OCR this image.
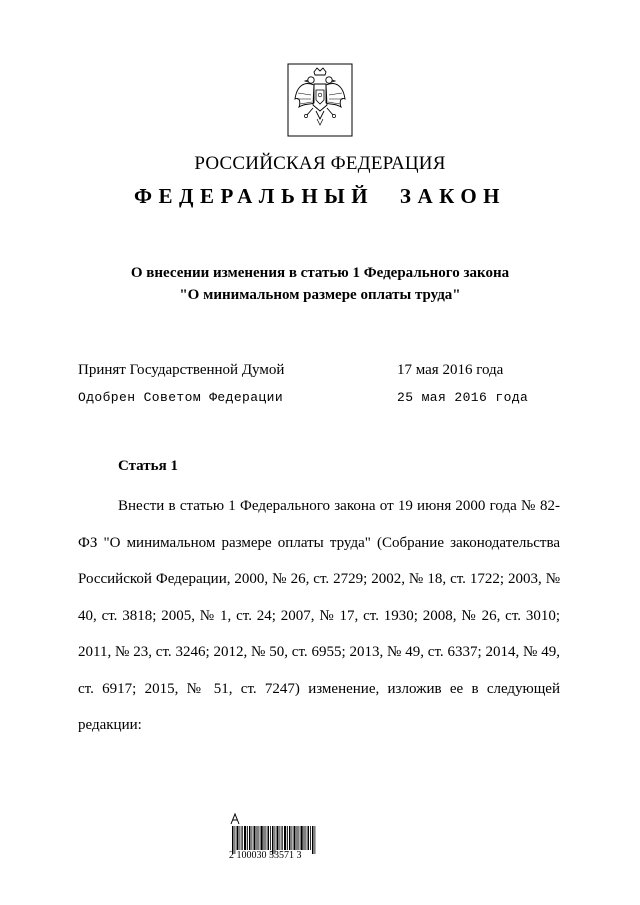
РОССИЙСКАЯ ФЕДЕРАЦИЯ
ФЕДЕРАЛЬНЫЙ ЗАКОН
О внесении изменения в статью 1 Федерального закона
"О минимальном размере оплаты труда"
Принят Государственной Думой	17 мая 2016 года
Одобрен Советом Федерации	25 мая 2016 года
Статья 1
Внести в статью 1 Федерального закона от 19 июня 2000 года № 82-ФЗ "О минимальном размере оплаты труда" (Собрание законодательства Российской Федерации, 2000, № 26, ст. 2729; 2002, № 18, ст. 1722; 2003, № 40, ст. 3818; 2005, № 1, ст. 24; 2007, № 17, ст. 1930; 2008, № 26, ст. 3010; 2011, № 23, ст. 3246; 2012, № 50, ст. 6955; 2013, № 49, ст. 6337; 2014, № 49, ст. 6917; 2015, № 51, ст. 7247) изменение, изложив ее в следующей редакции:
2 100030 53571 3
